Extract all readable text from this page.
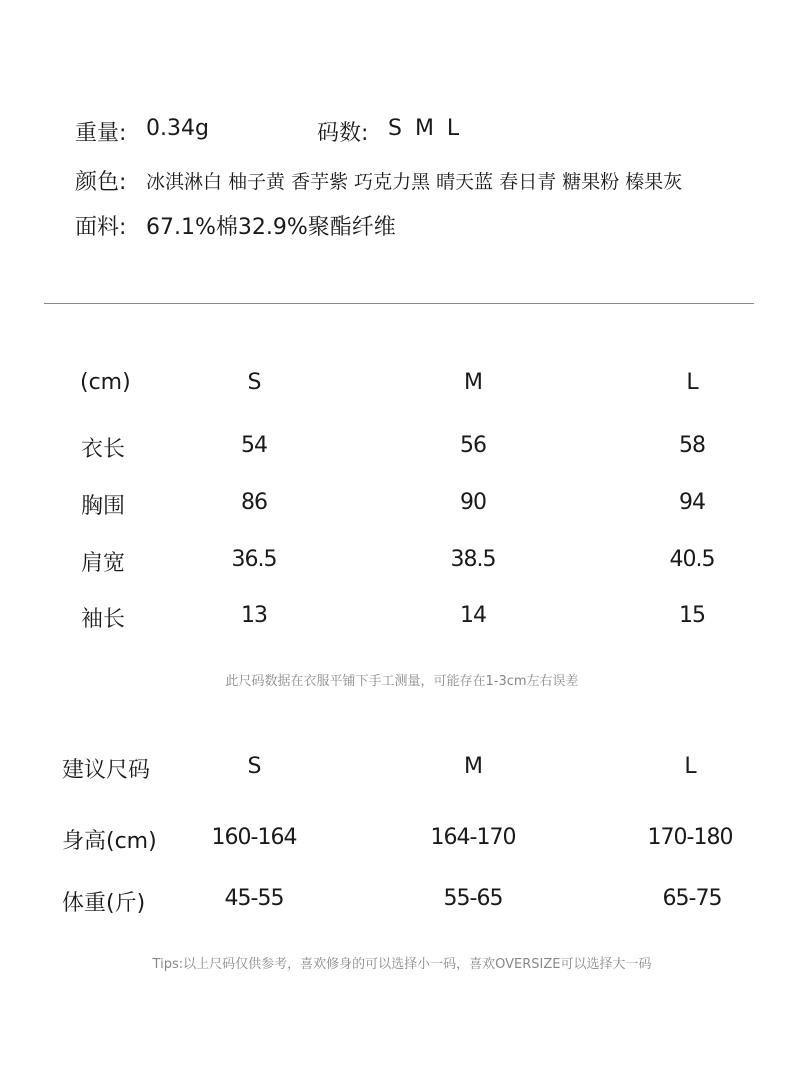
重量: 0.34g	码数: S M L
颜色: 冰淇淋白 柚子黄 香芋紫 巧克力黑 晴天蓝 春日青 糖果粉 榛果灰
面料: 67.1%棉32.9%聚酯纤维
(cm)	S	M	L
衣长	54	56	58
胸围	86	90	94
肩宽	36.5	38.5	40.5
袖长	13	14	15
此尺码数据在衣服平铺下手工测量，可能存在1-3cm左右误差
建议尺码	S	M	L
身高(cm) 160-164	164-170	170-180
体重(斤)	45-55	55-65	65-75
Tips:以上尺码仅供参考，喜欢修身的可以选择小一码，喜欢OVERSIZE可以选择大一码
